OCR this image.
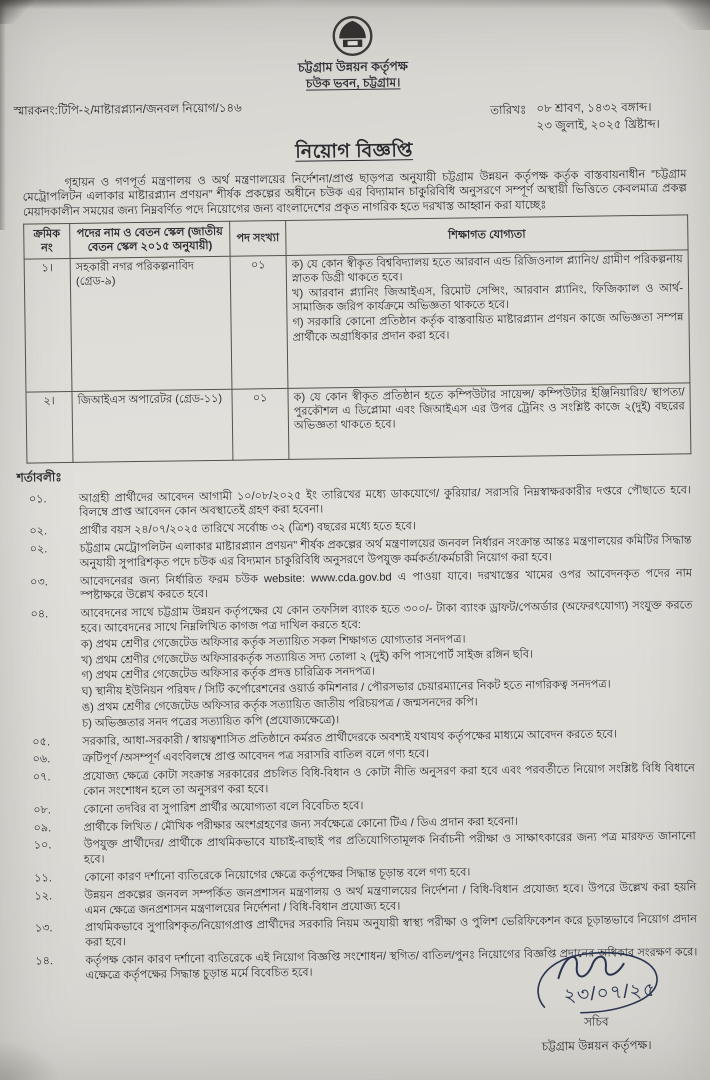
চট্টগ্রাম উন্নয়ন কর্তৃপক্ষ
চউক ভবন, চট্টগ্রাম।
স্মারকনং:টিপি-২/মাষ্টারপ্ল্যান/জনবল নিয়োগ/১৪৬	তারিখঃ ০৮ শ্রাবণ, ১৪৩২ বঙ্গাব্দ।
২৩ জুলাই, ২০২৫ খ্রিষ্টাব্দ।
নিয়োগ বিজ্ঞপ্তি
গৃহায়ন ও গণপূর্ত মন্ত্রণালয় ও অর্থ মন্ত্রণালয়ের নির্দেশনা/প্রাপ্ত ছাড়পত্র অনুযায়ী চট্টগ্রাম উন্নয়ন কর্তৃপক্ষ কর্তৃক বাস্তবায়নাধীন “চট্টগ্রাম মেট্রোপলিটন এলাকার মাষ্টারপ্ল্যান প্রণয়ন” শীর্ষক প্রকল্পের অধীনে চউক এর বিদ্যামান চাকুরিবিধি অনুসরণে সম্পূর্ণ অস্থায়ী ভিত্তিতে কেবলমাত্র প্রকল্প মেয়াদকালীন সময়ের জন্য নিম্নবর্ণিত পদে নিয়োগের জন্য বাংলাদেশের প্রকৃত নাগরিক হতে দরখাস্ত আহ্বান করা যাচ্ছেঃ
ক্রমিক নং	পদের নাম ও বেতন স্কেল (জাতীয় বেতন স্কেল ২০১৫ অনুযায়ী)	পদ সংখ্যা	শিক্ষাগত যোগ্যতা
১।	সহকারী নগর পরিকল্পনাবিদ (গ্রেড-৯)	০১	ক) যে কোন স্বীকৃত বিশ্ববিদ্যালয় হতে আরবান এন্ড রিজিওনাল প্ল্যানিং/ গ্রামীণ পরিকল্পনায় স্নাতক ডিগ্রী থাকতে হবে।

খ) আরবান প্ল্যানিং জিআইএস, রিমোট সেন্সিং, আরবান প্ল্যানিং, ফিজিক্যাল ও আর্থ-সামাজিক জরিপ কার্যক্রমে অভিজ্ঞতা থাকতে হবে।

গ) সরকারি কোনো প্রতিষ্ঠান কর্তৃক বাস্তবায়িত মাষ্টারপ্ল্যান প্রণয়ন কাজে অভিজ্ঞতা সম্পন্ন প্রার্থীকে অগ্রাধিকার প্রদান করা হবে।

২।	জিআইএস অপারেটর (গ্রেড-১১)	০১	ক) যে কোন স্বীকৃত প্রতিষ্ঠান হতে কম্পিউটার সায়েন্স/ কম্পিউটার ইঞ্জিনিয়ারিং/ স্থাপত্য/ পুরকৌশল এ ডিপ্লোমা এবং জিআইএস এর উপর ট্রেনিং ও সংশ্লিষ্ট কাজে ২(দুই) বছরের অভিজ্ঞতা থাকতে হবে।

শর্তাবলীঃ
০১.	আগ্রহী প্রার্থীদের আবেদন আগামী ১০/০৮/২০২৫ ইং তারিখের মধ্যে ডাকযোগে/ কুরিয়ার/ সরাসরি নিম্নস্বাক্ষরকারীর দপ্তরে পৌছাতে হবে। বিলম্বে প্রাপ্ত আবেদন কোন অবস্থাতেই গ্রহণ করা হবেনা।
০২.	প্রার্থীর বয়স ২৪/০৭/২০২৫ তারিখে সর্বোচ্চ ৩২ (ত্রিশ) বছরের মধ্যে হতে হবে।
০২.	চট্টগ্রাম মেট্রোপলিটন এলাকার মাষ্টারপ্ল্যান প্রণয়ন” শীর্ষক প্রকল্পের অর্থ মন্ত্রণালয়ের জনবল নির্ধারন সংক্রান্ত আন্তঃ মন্ত্রণালয়ের কমিটির সিদ্ধান্ত অনুযায়ী সুপারিশকৃত পদে চউক এর বিদ্যমান চাকুরিবিধি অনুসরণে উপযুক্ত কর্মকর্তা/কর্মচারী নিয়োগ করা হবে।
০৩.	আবেদনেরর জন্য নির্ধারিত ফরম চউক website: www.cda.gov.bd এ পাওয়া যাবে। দরখাস্তের খামের ওপর আবেদনকৃত পদের নাম স্পষ্টাক্ষরে উল্লেখ করতে হবে।
০৪.	আবেদনের সাথে চট্টগ্রাম উন্নয়ন কর্তৃপক্ষের যে কোন তফসিল ব্যাংক হতে ৩০০/- টাকা ব্যাংক ড্রাফট/পেঅর্ডার (অফেরৎযোগ্য) সংযুক্ত করতে হবে। আবেদনের সাথে নিম্নলিখিত কাগজ পত্র দাখিল করতে হবে:
ক) প্রথম শ্রেণীর গেজেটেড অফিসার কর্তৃক সত্যায়িত সকল শিক্ষাগত যোগ্যতার সনদপত্র।
খ) প্রথম শ্রেণীর গেজেটেড অফিসারকর্তৃক সত্যায়িত সদ্য তোলা ২ (দুই) কপি পাসপোর্ট সাইজ রঙ্গিন ছবি।
গ) প্রথম শ্রেণীর গেজেটেড অফিসার কর্তৃক প্রদত্ত চারিত্রিক সনদপত্র।
ঘ) স্থানীয় ইউনিয়ন পরিষদ / সিটি কর্পোরেশনের ওয়ার্ড কমিশনার / পৌরসভার চেয়ারম্যানের নিকট হতে নাগরিকত্ব সনদপত্র।
ঙ) প্রথম শ্রেণীর গেজেটেড অফিসার কর্তৃক সত্যায়িত জাতীয় পরিচয়পত্র / জন্মসনদের কপি।
চ) অভিজ্ঞতার সনদ পত্রের সত্যায়িত কপি (প্রযোজ্যক্ষেত্রে)।
০৫.	সরকারি, আধা-সরকারী / স্বায়ত্বশাসিত প্রতিষ্ঠানে কর্মরত প্রার্থীদেরকে অবশ্যই যথাযথ কর্তৃপক্ষের মাধ্যমে আবেদন করতে হবে।
০৬.	ত্রুটিপূর্ণ /অসম্পূর্ণ এবংবিলম্বে প্রাপ্ত আবেদন পত্র সরাসরি বাতিল বলে গণ্য হবে।
০৭.	প্রযোজ্য ক্ষেত্রে কোটা সংক্রান্ত সরকারের প্রচলিত বিধি-বিধান ও কোটা নীতি অনুসরণ করা হবে এবং পরবর্তীতে নিয়োগ সংশ্লিষ্ট বিধি বিধানে কোন সংশোধন হলে তা অনুসরণ করা হবে।
০৮.	কোনো তদবির বা সুপারিশ প্রার্থীর অযোগ্যতা বলে বিবেচিত হবে।
০৯.	প্রার্থীকে লিখিত / মৌখিক পরীক্ষার অংশগ্রহণের জন্য সর্বক্ষেত্রে কোনো টিএ / ডিএ প্রদান করা হবেনা।
১০.	উপযুক্ত প্রার্থীদের/ প্রার্থীকে প্রাথমিকভাবে যাচাই-বাছাই পর প্রতিযোগিতামূলক নির্বাচনী পরীক্ষা ও সাক্ষাৎকারের জন্য পত্র মারফত জানানো হবে।
১১.	কোনো কারণ দর্শানো ব্যতিরেকে নিয়োগের ক্ষেত্রে কর্তৃপক্ষের সিদ্ধান্ত চূড়ান্ত বলে গণ্য হবে।
১২.	উন্নয়ন প্রকল্পের জনবল সম্পর্কিত জনপ্রশাসন মন্ত্রণালয় ও অর্থ মন্ত্রণালয়ের নির্দেশনা / বিধি-বিধান প্রযোজ্য হবে। উপরে উল্লেখ করা হয়নি এমন ক্ষেত্রে জনপ্রশাসন মন্ত্রণালয়ের নির্দেশনা / বিধি-বিধান প্রযোজ্য হবে।
১৩.	প্রাথমিকভাবে সুপারিশকৃত/নিয়োগপ্রাপ্ত প্রার্থীদের সরকারি নিয়ম অনুযায়ী স্বাস্থ্য পরীক্ষা ও পুলিশ ভেরিফিকেশন করে চূড়ান্তভাবে নিয়োগ প্রদান করা হবে।
১৪.	কর্তৃপক্ষ কোন কারণ দর্শানো ব্যতিরেকে এই নিয়োগ বিজ্ঞপ্তি সংশোধন/ স্থগিত/ বাতিল/পুনঃ নিয়োগের বিজ্ঞপ্তি প্রদানের অধিকার সংরক্ষণ করে। এক্ষেত্রে কর্তৃপক্ষের সিদ্ধান্ত চুড়ান্ত মর্মে বিবেচিত হবে।
২৩/০৭/২৫
সচিব
চট্টগ্রাম উন্নয়ন কর্তৃপক্ষ।
